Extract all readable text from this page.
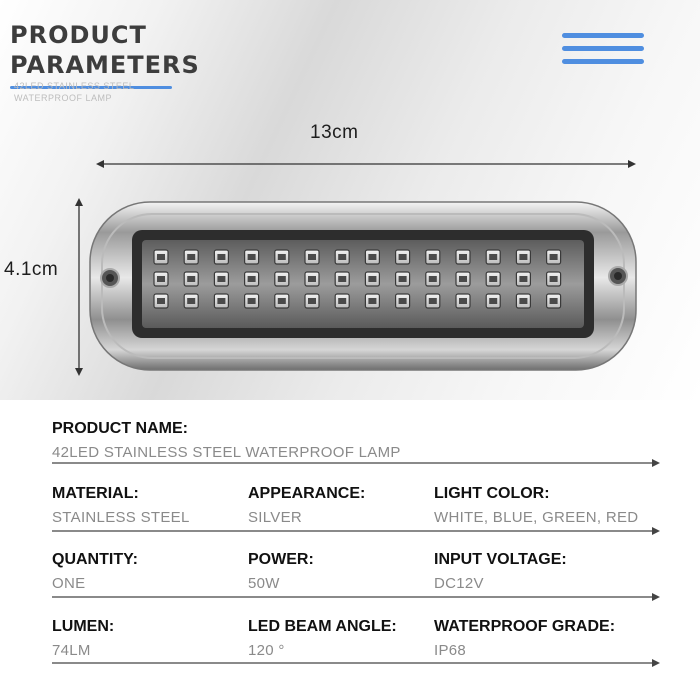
PRODUCT
PARAMETERS
42LED STAINLESS STEEL
WATERPROOF LAMP
13cm
4.1cm
PRODUCT NAME:
42LED STAINLESS STEEL WATERPROOF LAMP
MATERIAL:
STAINLESS STEEL
APPEARANCE:
SILVER
LIGHT COLOR:
WHITE, BLUE, GREEN, RED
QUANTITY:
ONE
POWER:
50W
INPUT VOLTAGE:
DC12V
LUMEN:
74LM
LED BEAM ANGLE:
120 °
WATERPROOF GRADE:
IP68
